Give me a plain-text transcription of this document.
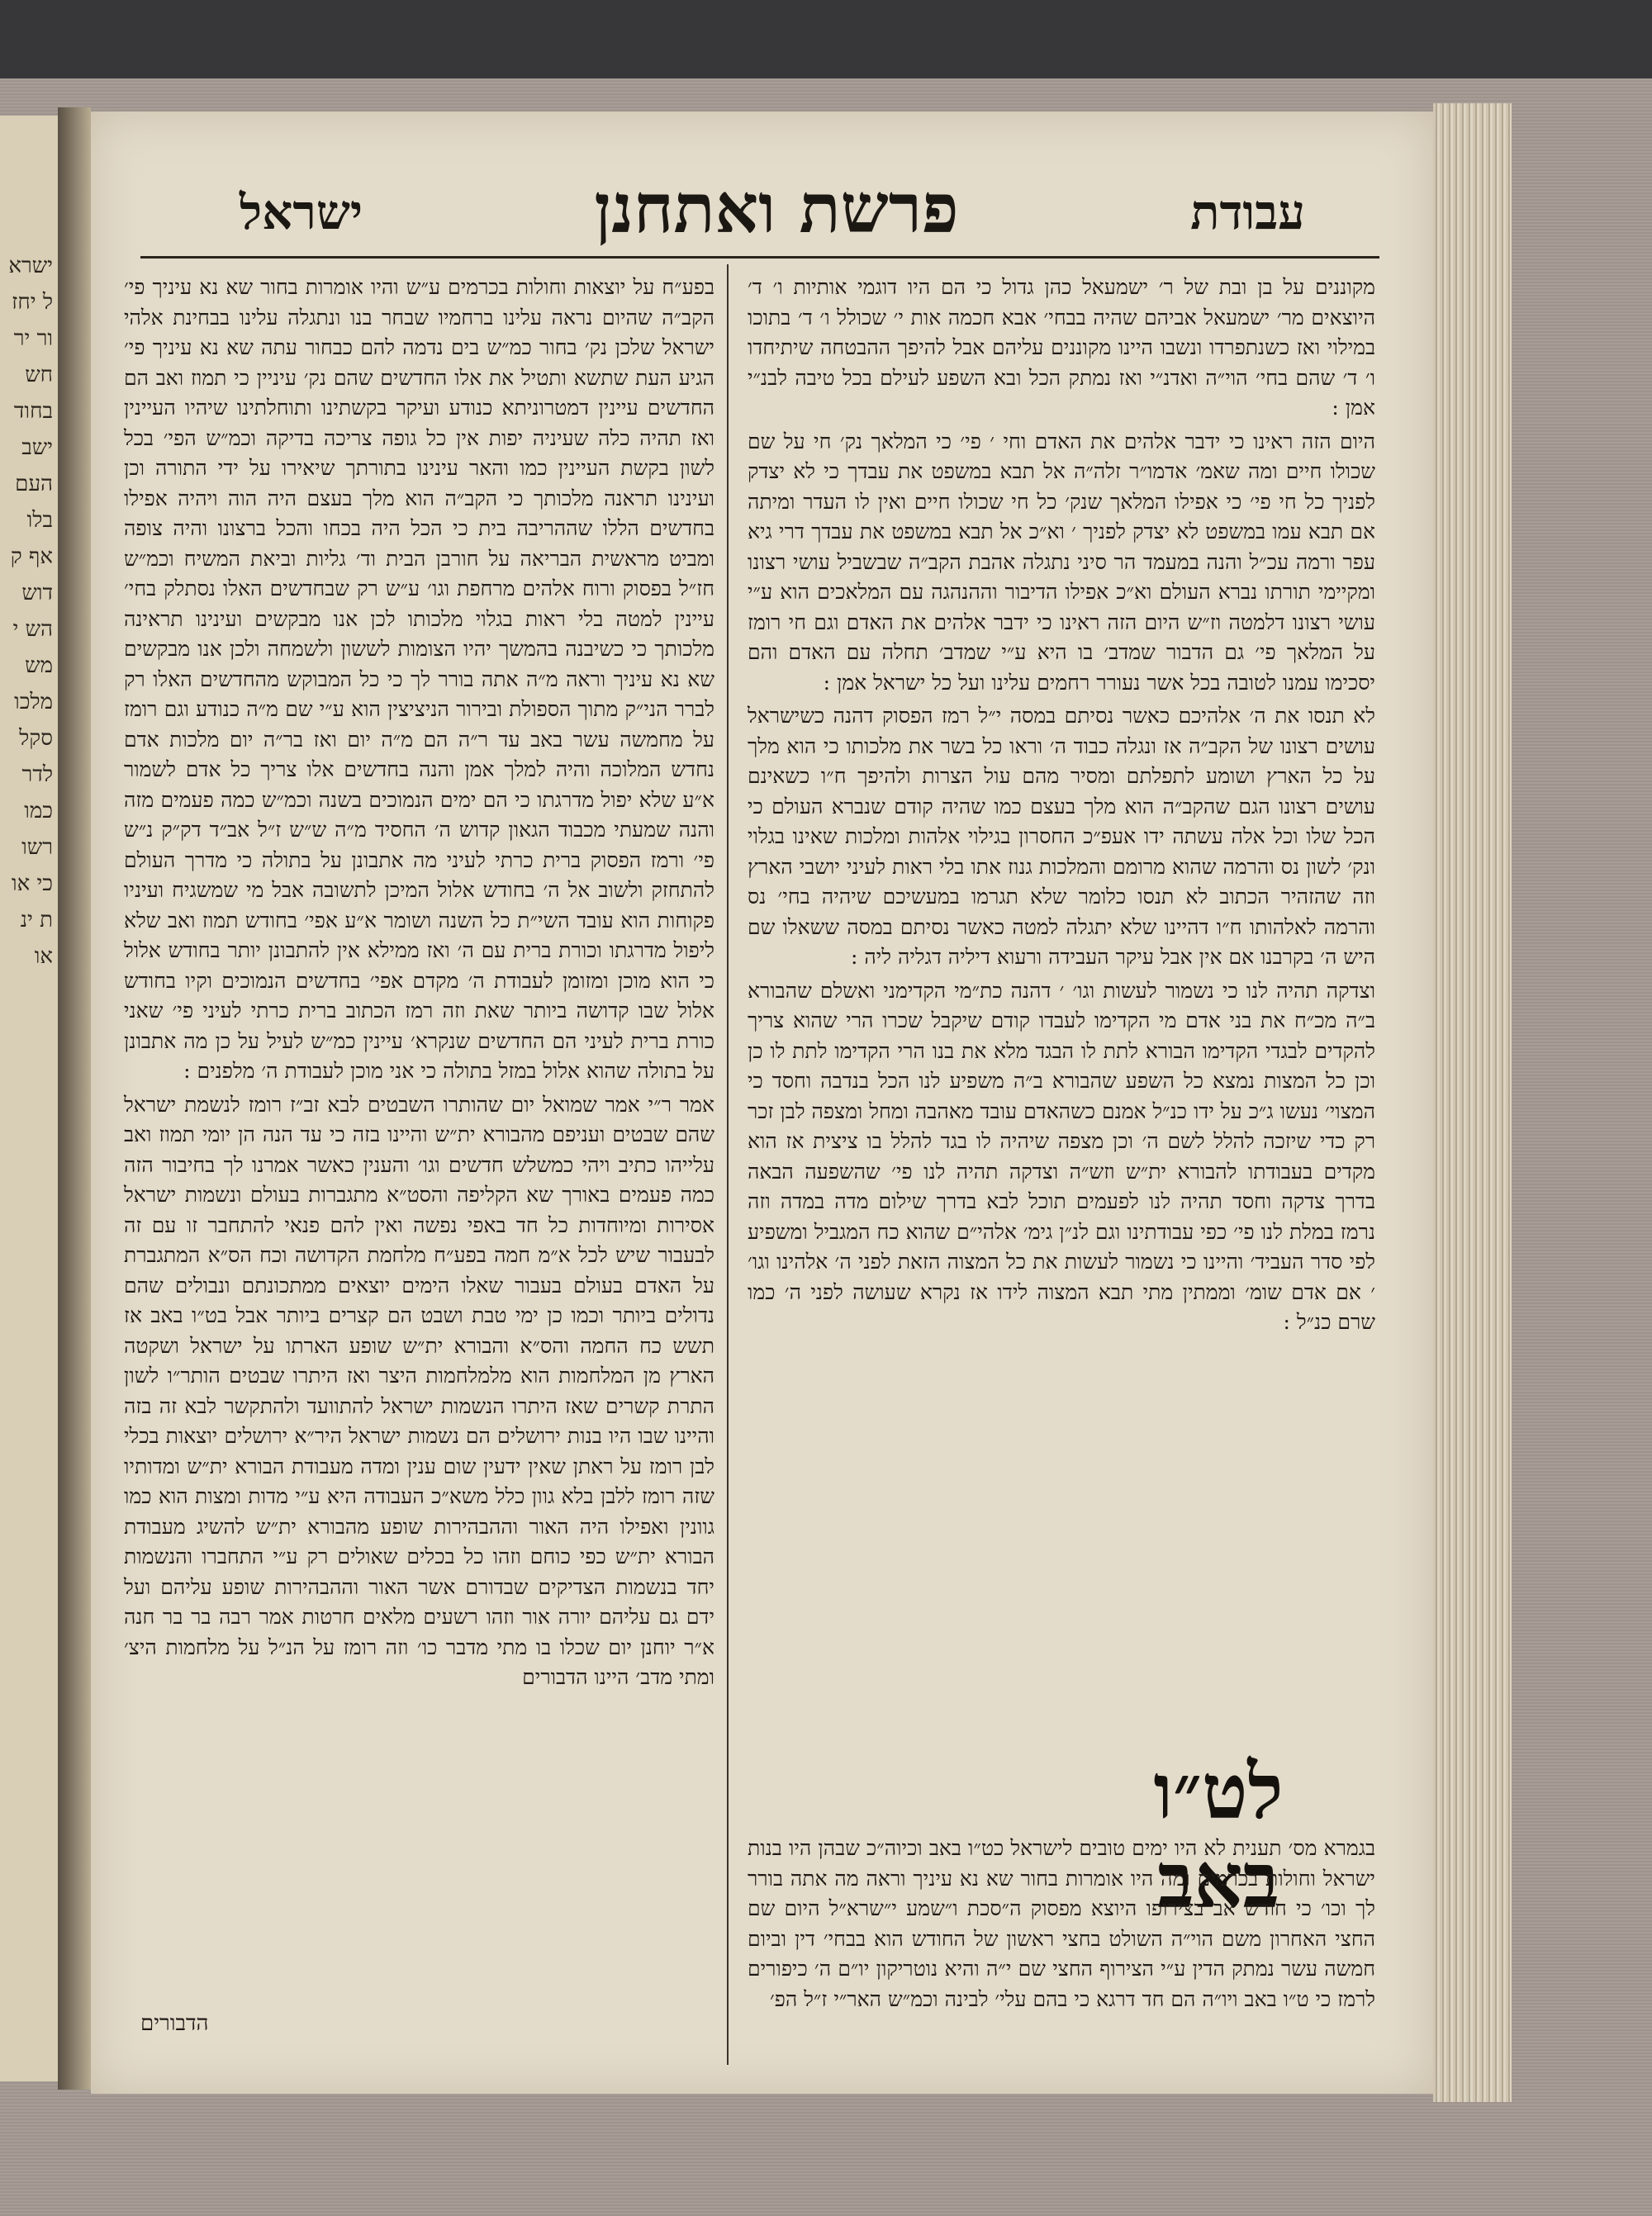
ישראל יחזור ירחש בחוד ישב העם בלו אף קדוש הש ימש מלכו סקל לדר כמו רשו כי אות ינאו
עבודת
פרשת ואתחנן
ישראל

מקוננים על בן ובת של ר׳ ישמעאל כהן גדול כי הם היו דוגמי אותיות ו׳ ד׳ היוצאים מר׳ ישמעאל אביהם שהיה בבחי׳ אבא חכמה אות י׳ שכולל ו׳ ד׳ בתוכו במילוי ואז כשנתפרדו ונשבו היינו מקוננים עליהם אבל להיפך ההבטחה שיתיחדו ו׳ ד׳ שהם בחי׳ הוי״ה ואדנ״י ואז נמתק הכל ובא השפע לעילם בכל טיבה לבנ״י אמן :

היום הזה ראינו כי ידבר אלהים את האדם וחי ׳ פי׳ כי המלאך נק׳ חי על שם שכולו חיים ומה שאמ׳ אדמו״ר זלה״ה אל תבא במשפט את עבדך כי לא יצדק לפניך כל חי פי׳ כי אפילו המלאך שנק׳ כל חי שכולו חיים ואין לו העדר ומיתה אם תבא עמו במשפט לא יצדק לפניך ׳ וא״כ אל תבא במשפט את עבדך דרי גיא עפר ורמה עכ״ל והנה במעמד הר סיני נתגלה אהבת הקב״ה שבשביל עושי רצונו ומקיימי תורתו נברא העולם וא״כ אפילו הדיבור וההנהגה עם המלאכים הוא ע״י עושי רצונו דלמטה וז״ש היום הזה ראינו כי ידבר אלהים את האדם וגם חי רומז על המלאך פי׳ גם הדבור שמדב׳ בו היא ע״י שמדב׳ תחלה עם האדם והם יסכימו עמנו לטובה בכל אשר נעורר רחמים עלינו ועל כל ישראל אמן :

לא תנסו את ה׳ אלהיכם כאשר נסיתם במסה י״ל רמז הפסוק דהנה כשישראל עושים רצונו של הקב״ה אז ונגלה כבוד ה׳ וראו כל בשר את מלכותו כי הוא מלך על כל הארץ ושומע לתפלתם ומסיר מהם עול הצרות ולהיפך ח״ו כשאינם עושים רצונו הגם שהקב״ה הוא מלך בעצם כמו שהיה קודם שנברא העולם כי הכל שלו וכל אלה עשתה ידו אעפ״כ החסרון בגילוי אלהות ומלכות שאינו בגלוי ונק׳ לשון נס והרמה שהוא מרומם והמלכות גנוז אתו בלי ראות לעיני יושבי הארץ וזה שהזהיר הכתוב לא תנסו כלומר שלא תגרמו במעשיכם שיהיה בחי׳ נס והרמה לאלהותו ח״ו דהיינו שלא יתגלה למטה כאשר נסיתם במסה ששאלו שם היש ה׳ בקרבנו אם אין אבל עיקר העבידה ורעוא דיליה דגליה ליה :

וצדקה תהיה לנו כי נשמור לעשות וגו׳ ׳ דהנה כת״מי הקדימני ואשלם שהבורא ב״ה מכ״ח את בני אדם מי הקדימו לעבדו קודם שיקבל שכרו הרי שהוא צריך להקדים לבגדי הקדימו הבורא לתת לו הבגד מלא את בנו הרי הקדימו לתת לו כן וכן כל המצות נמצא כל השפע שהבורא ב״ה משפיע לנו הכל בנדבה וחסד כי המצוי׳ נעשו ג״כ על ידו כנ״ל אמנם כשהאדם עובד מאהבה ומחל ומצפה לבן זכר רק כדי שיזכה להלל לשם ה׳ וכן מצפה שיהיה לו בגד להלל בו ציצית אז הוא מקדים בעבודתו להבורא ית״ש וזש״ה וצדקה תהיה לנו פי׳ שהשפעה הבאה בדרך צדקה וחסד תהיה לנו לפעמים תוכל לבא בדרך שילום מדה במדה וזה נרמז במלת לנו פי׳ כפי עבודתינו וגם לנ״ן גימ׳ אלהי״ם שהוא כח המגביל ומשפיע לפי סדר העביד׳ והיינו כי נשמור לעשות את כל המצוה הזאת לפני ה׳ אלהינו וגו׳ ׳ אם אדם שומ׳ וממתין מתי תבא המצוה לידו אז נקרא שעושה לפני ה׳ כמו שרם כנ״ל :

לט״ו באב

בגמרא מס׳ תענית לא היו ימים טובים לישראל כט״ו באב וכיוה״כ שבהן היו בנות ישראל וחולות בכרמים ומה היו אומרות בחור שא נא עיניך וראה מה אתה בורר לך וכו׳ כי חודש אב בצירופו היוצא מפסוק ה״סכת ו״שמע י״שרא״ל היום שם החצי האחרון משם הוי״ה השולט בחצי ראשון של החודש הוא בבחי׳ דין וביום חמשה עשר נמתק הדין ע״י הצירוף החצי שם י״ה והיא נוטריקון יו״ם ה׳ כיפורים לרמז כי ט״ו באב ויו״ה הם חד דרגא כי בהם עלי׳ לבינה וכמ״ש האר״י ז״ל הפ׳

בפע״ח על יוצאות וחולות בכרמים ע״ש והיו אומרות בחור שא נא עיניך פי׳ הקב״ה שהיום נראה עלינו ברחמיו שבחר בנו ונתגלה עלינו בבחינת אלהי ישראל שלכן נק׳ בחור כמ״ש בים נדמה להם כבחור עתה שא נא עיניך פי׳ הגיע העת שתשא ותטיל את אלו החדשים שהם נק׳ עיניין כי תמוז ואב הם החדשים עיינין דמטרוניתא כנודע ועיקר בקשתינו ותוחלתינו שיהיו העיינין ואז תהיה כלה שעיניה יפות אין כל גופה צריכה בדיקה וכמ״ש הפי׳ בכל לשון בקשת העיינין כמו והאר עינינו בתורתך שיאירו על ידי התורה וכן ועינינו תראנה מלכותך כי הקב״ה הוא מלך בעצם היה הוה ויהיה אפילו בחדשים הללו שההריבה בית כי הכל היה בכחו והכל ברצונו והיה צופה ומביט מראשית הבריאה על חורבן הבית וד׳ גליות וביאת המשיח וכמ״ש חז״ל בפסוק ורוח אלהים מרחפת וגו׳ ע״ש רק שבחדשים האלו נסתלק בחי׳ עיינין למטה בלי ראות בגלוי מלכותו לכן אנו מבקשים ועינינו תראינה מלכותך כי כשיבנה בהמשך יהיו הצומות לששון ולשמחה ולכן אנו מבקשים שא נא עיניך וראה מ״ה אתה בורר לך כי כל המבוקש מהחדשים האלו רק לברר הני״ק מתוך הספולת ובירור הניציצין הוא ע״י שם מ״ה כנודע וגם רומז על מחמשה עשר באב עד ר״ה הם מ״ה יום ואז בר״ה יום מלכות אדם נחדש המלוכה והיה למלך אמן והנה בחדשים אלו צריך כל אדם לשמור א״ע שלא יפול מדרגתו כי הם ימים הנמוכים בשנה וכמ״ש כמה פעמים מזה והנה שמעתי מכבוד הגאון קדוש ה׳ החסיד מ״ה ש״ש ז״ל אב״ד דק״ק נ״ש פי׳ ורמז הפסוק ברית כרתי לעיני מה אתבונן על בתולה כי מדרך העולם להתחזק ולשוב אל ה׳ בחודש אלול המיכן לתשובה אבל מי שמשגיח ועיניו פקוחות הוא עובד השי״ת כל השנה ושומר א״ע אפי׳ בחודש תמוז ואב שלא ליפול מדרגתו וכורת ברית עם ה׳ ואז ממילא אין להתבונן יותר בחודש אלול כי הוא מוכן ומזומן לעבודת ה׳ מקדם אפי׳ בחדשים הנמוכים וקיו בחודש אלול שבו קדושה ביותר שאת וזה רמז הכתוב ברית כרתי לעיני פי׳ שאני כורת ברית לעיני הם החדשים שנקרא׳ עיינין כמ״ש לעיל על כן מה אתבונן על בתולה שהוא אלול במזל בתולה כי אני מוכן לעבודת ה׳ מלפנים :

אמר ר״י אמר שמואל יום שהותרו השבטים לבא זב״ז רומז לנשמת ישראל שהם שבטים ועניפם מהבורא ית״ש והיינו בזה כי עד הנה הן יומי תמוז ואב עלייהו כתיב ויהי כמשלש חדשים וגו׳ והענין כאשר אמרנו לך בחיבור הזה כמה פעמים באורך שא הקליפה והסט״א מתגברות בעולם ונשמות ישראל אסירות ומיוחדות כל חד באפי נפשה ואין להם פנאי להתחבר זו עם זה לבעבור שיש לכל א״מ חמה בפע״ח מלחמת הקדושה וכח הס״א המתגברת על האדם בעולם בעבור שאלו הימים יוצאים ממתכונתם ונבולים שהם נדולים ביותר וכמו כן ימי טבת ושבט הם קצרים ביותר אבל בט״ו באב אז תשש כח החמה והס״א והבורא ית״ש שופע הארתו על ישראל ושקטה הארץ מן המלחמות הוא מלמלחמות היצר ואז היתרו שבטים הותר״ו לשון התרת קשרים שאז היתרו הנשמות ישראל להתוועד ולהתקשר לבא זה בזה והיינו שבו היו בנות ירושלים הם נשמות ישראל היר״א ירושלים יוצאות בכלי לבן רומז על ראתן שאין ידעין שום ענין ומדה מעבודת הבורא ית״ש ומדותיו שזה רומז ללבן בלא גוון כלל משא״כ העבודה היא ע״י מדות ומצות הוא כמו גוונין ואפילו היה האור וההבהירות שופע מהבורא ית״ש להשיג מעבודת הבורא ית״ש כפי כוחם וזהו כל בכלים שאולים רק ע״י התחברו והנשמות יחד בנשמות הצדיקים שבדורם אשר האור וההבהירות שופע עליהם ועל ידם גם עליהם יורה אור וזהו רשעים מלאים חרטות אמר רבה בר בר חנה א״ר יוחנן יום שכלו בו מתי מדבר כו׳ וזה רומז על הנ״ל על מלחמות היצ׳ ומתי מדב׳ היינו הדבורים

הדבורים
